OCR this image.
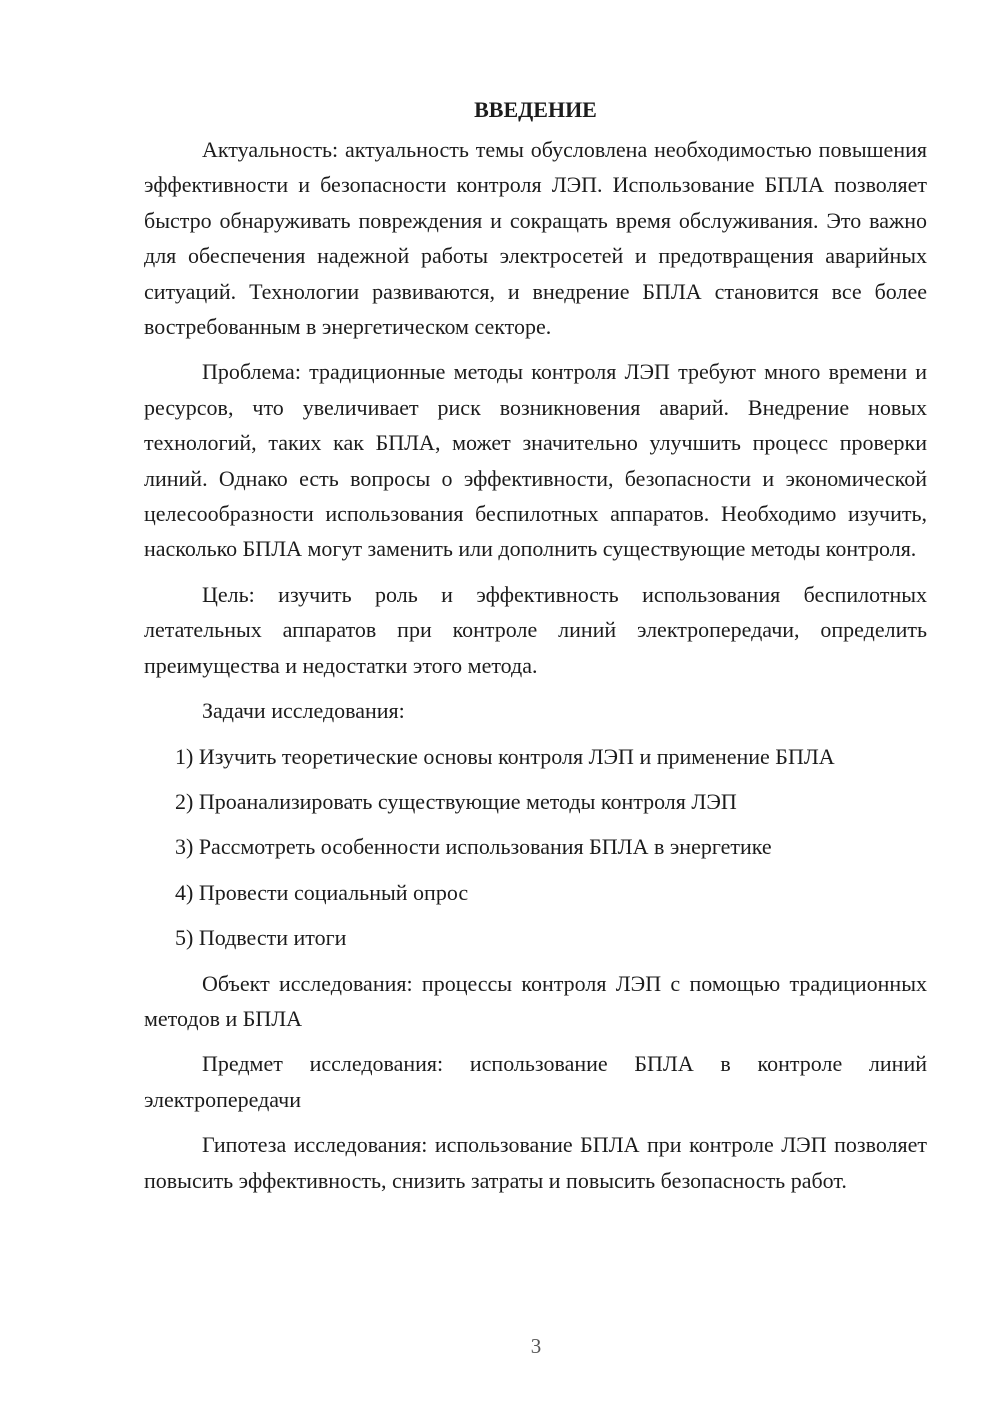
ВВЕДЕНИЕ

Актуальность: актуальность темы обусловлена необходимостью повышения эффективности и безопасности контроля ЛЭП. Использование БПЛА позволяет быстро обнаруживать повреждения и сокращать время обслуживания. Это важно для обеспечения надежной работы электросетей и предотвращения аварийных ситуаций. Технологии развиваются, и внедрение БПЛА становится все более востребованным в энергетическом секторе.

Проблема: традиционные методы контроля ЛЭП требуют много времени и ресурсов, что увеличивает риск возникновения аварий. Внедрение новых технологий, таких как БПЛА, может значительно улучшить процесс проверки линий. Однако есть вопросы о эффективности, безопасности и экономической целесообразности использования беспилотных аппаратов. Необходимо изучить, насколько БПЛА могут заменить или дополнить существующие методы контроля.

Цель: изучить роль и эффективность использования беспилотных летательных аппаратов при контроле линий электропередачи, определить преимущества и недостатки этого метода.

Задачи исследования:

1) Изучить теоретические основы контроля ЛЭП и применение БПЛА
2) Проанализировать существующие методы контроля ЛЭП
3) Рассмотреть особенности использования БПЛА в энергетике
4) Провести социальный опрос
5) Подвести итоги

Объект исследования: процессы контроля ЛЭП с помощью традиционных методов и БПЛА

Предмет исследования: использование БПЛА в контроле линий электропередачи

Гипотеза исследования: использование БПЛА при контроле ЛЭП позволяет повысить эффективность, снизить затраты и повысить безопасность работ.

3
